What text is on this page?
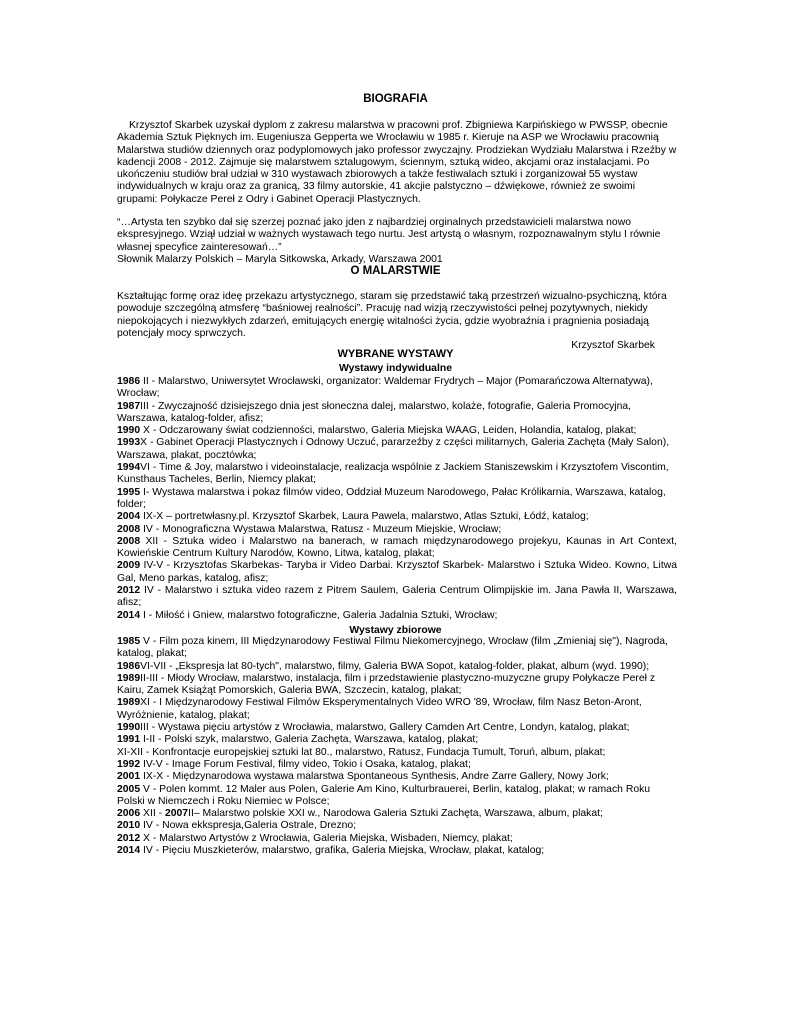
BIOGRAFIA

Krzysztof Skarbek uzyskał dyplom z zakresu malarstwa w pracowni prof. Zbigniewa Karpińskiego w PWSSP, obecnie Akademia Sztuk Pięknych im. Eugeniusza Gepperta we Wrocławiu w 1985 r. Kieruje na ASP we Wrocławiu pracownią Malarstwa studiów dziennych oraz podyplomowych jako professor zwyczajny. Prodziekan Wydziału Malarstwa i Rzeźby w kadencji 2008 - 2012. Zajmuje się malarstwem sztalugowym, ściennym, sztuką wideo, akcjami oraz instalacjami. Po ukończeniu studiów brał udział w 310 wystawach zbiorowych a także festiwalach sztuki i zorganizował 55 wystaw indywidualnych w kraju oraz za granicą, 33 filmy autorskie, 41 akcjie palstyczno – dźwiękowe, również ze swoimi grupami: Połykacze Pereł z Odry i Gabinet Operacji Plastycznych.

“…Artysta ten szybko dał się szerzej poznać jako jden z najbardziej orginalnych przedstawicieli malarstwa nowo ekspresyjnego. Wziął udział w ważnych wystawach tego nurtu. Jest artystą o własnym, rozpoznawalnym stylu I równie własnej specyfice zainteresowań…”

Słownik Malarzy Polskich – Maryla Sitkowska, Arkady, Warszawa 2001

O MALARSTWIE

Kształtując formę oraz ideę przekazu artystycznego, staram się przedstawić taką przestrzeń wizualno-psychiczną, która powoduje szczególną atmsferę “baśniowej realności”. Pracuję nad wizją rzeczywistości pełnej pozytywnych, niekidy niepokojących i niezwykłych zdarzeń, emitujących energię witalności życia, gdzie wyobraźnia i pragnienia posiadają potencjały mocy sprwczych.

Krzysztof Skarbek

WYBRANE WYSTAWY
Wystawy indywidualne

1986 II - Malarstwo, Uniwersytet Wrocławski, organizator: Waldemar Frydrych – Major (Pomarańczowa Alternatywa), Wrocław;

1987III - Zwyczajność dzisiejszego dnia jest słoneczna dalej, malarstwo, kolaże, fotografie, Galeria Promocyjna, Warszawa, katalog-folder, afisz;

1990 X - Odczarowany świat codzienności, malarstwo, Galeria Miejska WAAG, Leiden, Holandia, katalog, plakat;

1993X - Gabinet Operacji Plastycznych i Odnowy Uczuć, pararzeźby z części militarnych, Galeria Zachęta (Mały Salon), Warszawa, plakat, pocztówka;

1994VI - Time & Joy, malarstwo i videoinstalacje, realizacja wspólnie z Jackiem Staniszewskim i Krzysztofem Viscontim, Kunsthaus Tacheles, Berlin, Niemcy plakat;

1995 I- Wystawa malarstwa i pokaz filmów video, Oddział Muzeum Narodowego, Pałac Królikarnia, Warszawa, katalog, folder;

2004 IX-X – portretwłasny.pl. Krzysztof Skarbek, Laura Pawela, malarstwo, Atlas Sztuki, Łódź, katalog;

2008 IV - Monograficzna Wystawa Malarstwa, Ratusz - Muzeum Miejskie, Wrocław;

2008 XII - Sztuka wideo i Malarstwo na banerach, w ramach międzynarodowego projekyu, Kaunas in Art Context, Kowieńskie Centrum Kultury Narodów, Kowno, Litwa, katalog, plakat;

2009 IV-V - Krzysztofas Skarbekas- Taryba ir Video Darbai. Krzysztof Skarbek- Malarstwo i Sztuka Wideo. Kowno, Litwa Gal, Meno parkas, katalog, afisz;

2012 IV - Malarstwo i sztuka video razem z Pitrem Saulem, Galeria Centrum Olimpijskie im. Jana Pawła II, Warszawa, afisz;

2014 I - Miłość i Gniew, malarstwo fotograficzne, Galeria Jadalnia Sztuki, Wrocław;

Wystawy zbiorowe

1985 V - Film poza kinem, III Międzynarodowy Festiwal Filmu Niekomercyjnego, Wrocław (film „Zmieniaj się"), Nagroda, katalog, plakat;

1986VI-VII - „Ekspresja lat 80-tych", malarstwo, filmy, Galeria BWA Sopot, katalog-folder, plakat, album (wyd. 1990);

1989II-III - Młody Wrocław, malarstwo, instalacja, film i przedstawienie plastyczno-muzyczne grupy Połykacze Pereł z Kairu, Zamek Książąt Pomorskich, Galeria BWA, Szczecin, katalog, plakat;

1989XI - I Międzynarodowy Festiwal Filmów Eksperymentalnych Video WRO '89, Wrocław, film Nasz Beton-Aront, Wyróżnienie, katalog, plakat;

1990III - Wystawa pięciu artystów z Wrocławia, malarstwo, Gallery Camden Art Centre, Londyn, katalog, plakat;

1991 I-II - Polski szyk, malarstwo, Galeria Zachęta, Warszawa, katalog, plakat;

XI-XII - Konfrontacje europejskiej sztuki lat 80., malarstwo, Ratusz, Fundacja Tumult, Toruń, album, plakat;

1992 IV-V - Image Forum Festival, filmy video, Tokio i Osaka, katalog, plakat;

2001 IX-X - Międzynarodowa wystawa malarstwa Spontaneous Synthesis, Andre Zarre Gallery, Nowy Jork;

2005 V - Polen kommt. 12 Maler aus Polen, Galerie Am Kino, Kulturbrauerei, Berlin, katalog, plakat; w ramach Roku Polski w Niemczech i Roku Niemiec w Polsce;

2006 XII - 2007II– Malarstwo polskie XXI w., Narodowa Galeria Sztuki Zachęta, Warszawa, album, plakat;

2010 IV - Nowa ekksprеsja,Galeria Ostrale, Drezno;

2012 X - Malarstwo Artystów z Wrocławia, Galeria Miejska, Wisbaden, Niemcy, plakat;

2014 IV - Pięciu Muszkieterów, malarstwo, grafika, Galeria Miejska, Wrocław, plakat, katalog;
